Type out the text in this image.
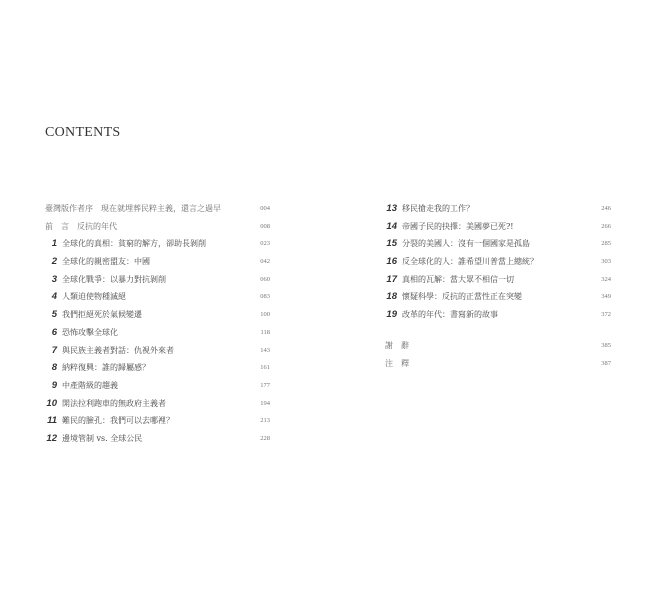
CONTENTS
臺灣版作者序　現在就埋葬民粹主義，還言之過早	004
前　言　反抗的年代	008
1 全球化的真相：貧窮的解方，卻助長剝削	023
2 全球化的親密盟友：中國	042
3 全球化戰爭：以暴力對抗剝削	060
4 人類迫使物種滅絕	083
5 我們拒絕死於氣候變遷	100
6 恐怖攻擊全球化	118
7 與民族主義者對話：仇視外來者	143
8 納粹復興：誰的歸屬感？	161
9 中產階級的趨義	177
10 開法拉利跑車的無政府主義者	194
11 難民的臉孔：我們可以去哪裡？	213
12 邊境管制 vs. 全球公民	228
13 移民搶走我的工作？	246
14 帝國子民的抉擇：美國夢已死?!	266
15 分裂的美國人：沒有一個國家是孤島	285
16 反全球化的人：誰希望川普當上總統？	303
17 真相的瓦解：當大眾不相信一切	324
18 懷疑科學：反抗的正當性正在突變	349
19 改革的年代：書寫新的故事	372
謝　辭	385
注　釋	387
